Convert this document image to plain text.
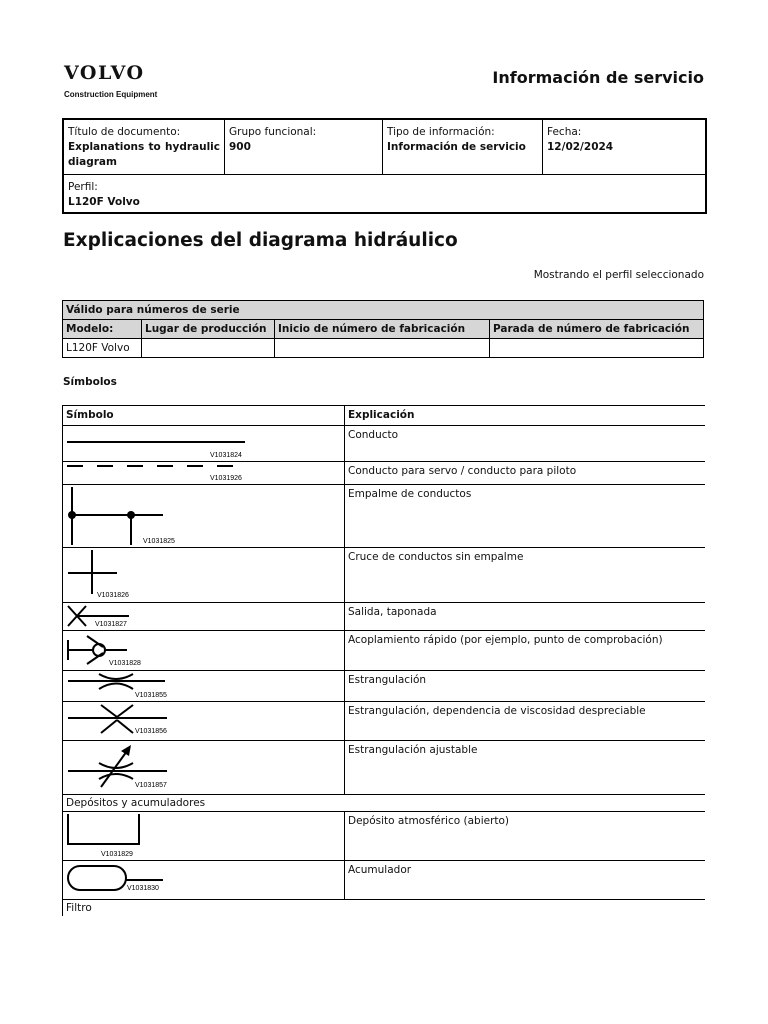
VOLVO
Construction Equipment
Información de servicio
Título de documento:
Explanations to hydraulic diagram
Grupo funcional:
900
Tipo de información:
Información de servicio
Fecha:
12/02/2024
Perfil:
L120F Volvo
Explicaciones del diagrama hidráulico
Mostrando el perfil seleccionado
Válido para números de serie			
Modelo:	Lugar de producción	Inicio de número de fabricación	Parada de número de fabricación
L120F Volvo			
Símbolos
Símbolo	Explicación

V1031824	Conducto

V1031926	Conducto para servo / conducto para piloto

V1031825	Empalme de conductos

V1031826	Cruce de conductos sin empalme

V1031827	Salida, taponada

V1031828	Acoplamiento rápido (por ejemplo, punto de comprobación)

V1031855	Estrangulación

V1031856	Estrangulación, dependencia de viscosidad despreciable

V1031857	Estrangulación ajustable
Depósitos y acumuladores	

V1031829	Depósito atmosférico (abierto)

V1031830	Acumulador
Filtro	
